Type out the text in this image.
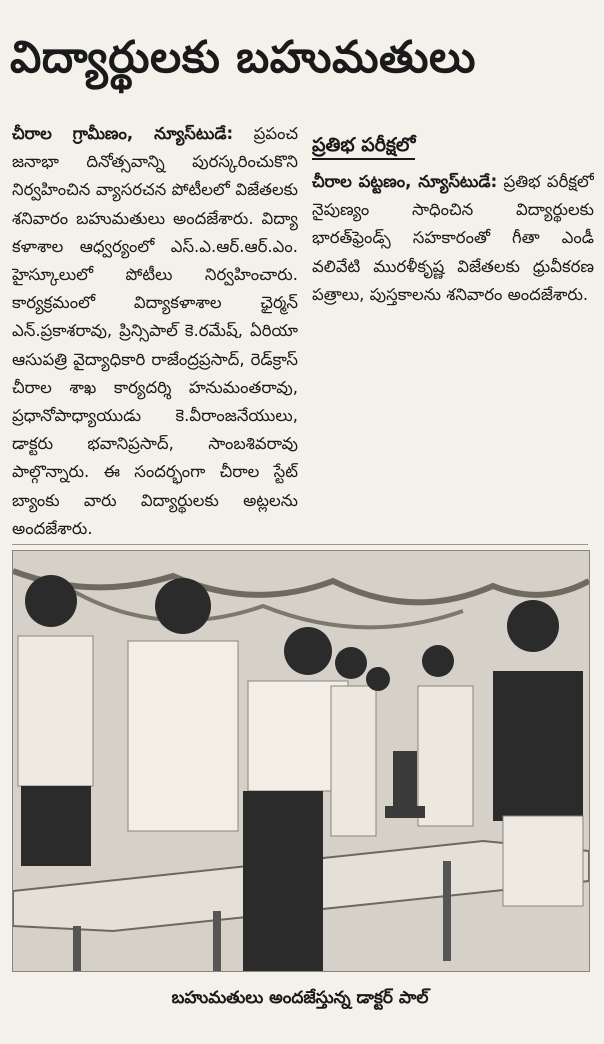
విద్యార్థులకు బహుమతులు

చీరాల గ్రామీణం, న్యూస్‌టుడే: ప్రపంచ జనాభా దినోత్సవాన్ని పురస్కరించుకొని నిర్వహించిన వ్యాసరచన పోటీలలో విజేతలకు శనివారం బహుమతులు అందజేశారు. విద్యా కళాశాల ఆధ్వర్యంలో ఎస్.ఎ.ఆర్.ఆర్.ఎం. హైస్కూలులో పోటీలు నిర్వహించారు. కార్యక్రమంలో విద్యాకళాశాల ఛైర్మన్ ఎన్.ప్రకాశరావు, ప్రిన్సిపాల్ కె.రమేష్, ఏరియా ఆసుపత్రి వైద్యాధికారి రాజేంద్రప్రసాద్, రెడ్‌క్రాస్ చీరాల శాఖ కార్యదర్శి హనుమంతరావు, ప్రధానోపాధ్యాయుడు కె.వీరాంజనేయులు, డాక్టరు భవానిప్రసాద్, సాంబశివరావు పాల్గొన్నారు. ఈ సందర్భంగా చీరాల స్టేట్ బ్యాంకు వారు విద్యార్థులకు అట్లలను అందజేశారు.

ప్రతిభ పరీక్షలో

చీరాల పట్టణం, న్యూస్‌టుడే: ప్రతిభ పరీక్షలో నైపుణ్యం సాధించిన విద్యార్థులకు భారత్‌ఫ్రెండ్స్ సహకారంతో గీతా ఎండీ వలివేటి మురళీకృష్ణ విజేతలకు ధ్రువీకరణ పత్రాలు, పుస్తకాలను శనివారం అందజేశారు.

బహుమతులు అందజేస్తున్న డాక్టర్ పాల్
